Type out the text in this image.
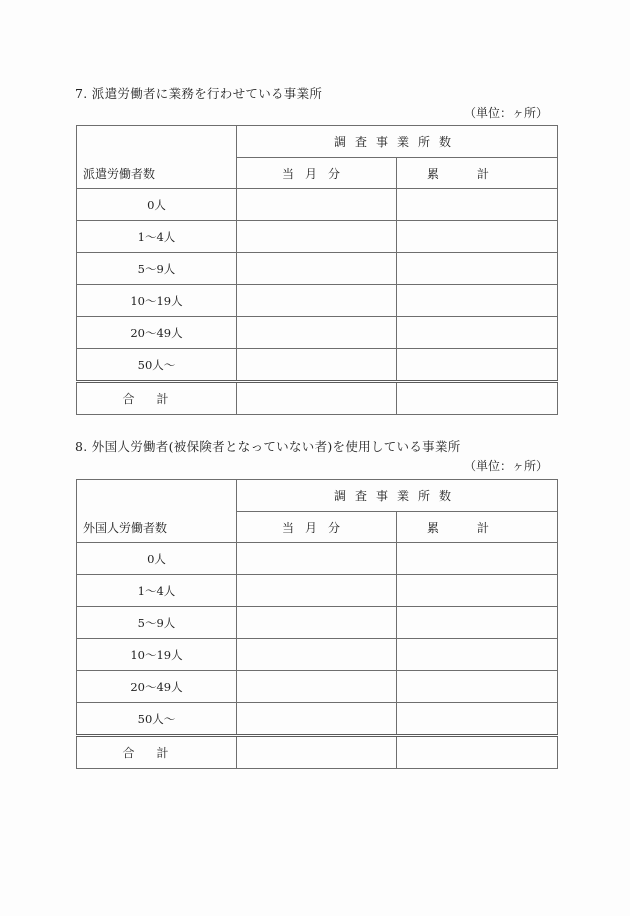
7. 派遣労働者に業務を行わせている事業所
（単位：ヶ所）
派遣労働者数	調査事業所数	
	当月分	累計
0人		
1〜4人		
5〜9人		
10〜19人		
20〜49人		
50人〜		
合計		
8. 外国人労働者(被保険者となっていない者)を使用している事業所
（単位：ヶ所）
外国人労働者数	調査事業所数	
	当月分	累計
0人		
1〜4人		
5〜9人		
10〜19人		
20〜49人		
50人〜		
合計		
